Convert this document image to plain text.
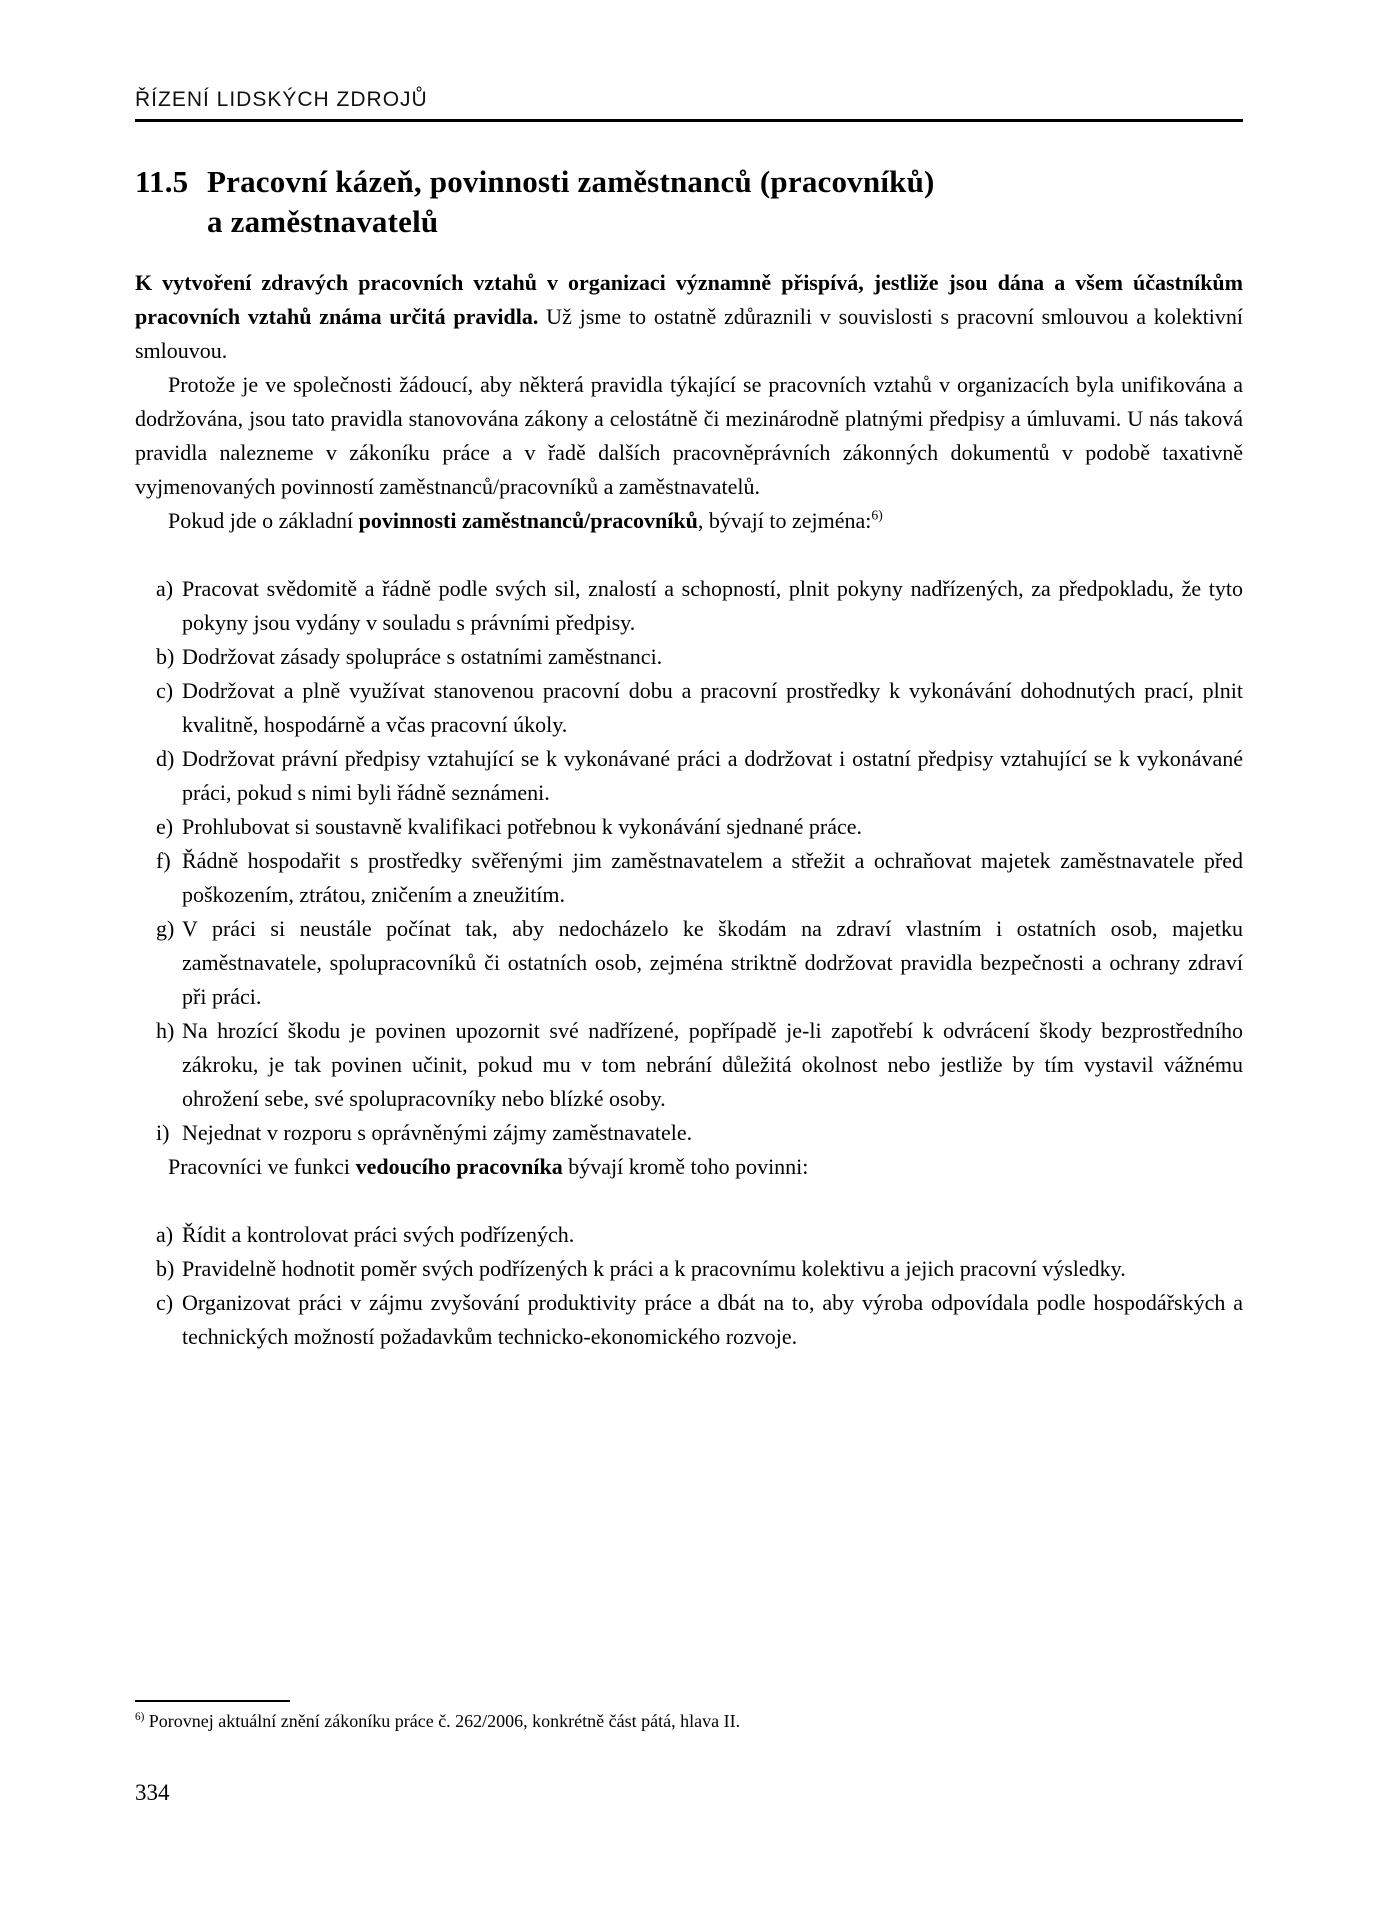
ŘÍZENÍ LIDSKÝCH ZDROJŮ
11.5 Pracovní kázeň, povinnosti zaměstnanců (pracovníků)
a zaměstnavatelů

K vytvoření zdravých pracovních vztahů v organizaci významně přispívá, jestliže jsou dána a všem účastníkům pracovních vztahů známa určitá pravidla. Už jsme to ostatně zdůraznili v souvislosti s pracovní smlouvou a kolektivní smlouvou.

Protože je ve společnosti žádoucí, aby některá pravidla týkající se pracovních vztahů v organizacích byla unifikována a dodržována, jsou tato pravidla stanovována zákony a celostátně či mezinárodně platnými předpisy a úmluvami. U nás taková pravidla nalezneme v zákoníku práce a v řadě dalších pracovněprávních zákonných dokumentů v podobě taxativně vyjmenovaných povinností zaměstnanců/pracovníků a zaměstnavatelů.

Pokud jde o základní povinnosti zaměstnanců/pracovníků, bývají to zejména:$^{6)}$

a) Pracovat svědomitě a řádně podle svých sil, znalostí a schopností, plnit pokyny nadřízených, za předpokladu, že tyto pokyny jsou vydány v souladu s právními předpisy.
b) Dodržovat zásady spolupráce s ostatními zaměstnanci.
c) Dodržovat a plně využívat stanovenou pracovní dobu a pracovní prostředky k vykonávání dohodnutých prací, plnit kvalitně, hospodárně a včas pracovní úkoly.
d) Dodržovat právní předpisy vztahující se k vykonávané práci a dodržovat i ostatní předpisy vztahující se k vykonávané práci, pokud s nimi byli řádně seznámeni.
e) Prohlubovat si soustavně kvalifikaci potřebnou k vykonávání sjednané práce.
f) Řádně hospodařit s prostředky svěřenými jim zaměstnavatelem a střežit a ochraňovat majetek zaměstnavatele před poškozením, ztrátou, zničením a zneužitím.
g) V práci si neustále počínat tak, aby nedocházelo ke škodám na zdraví vlastním i ostatních osob, majetku zaměstnavatele, spolupracovníků či ostatních osob, zejména striktně dodržovat pravidla bezpečnosti a ochrany zdraví při práci.
h) Na hrozící škodu je povinen upozornit své nadřízené, popřípadě je-li zapotřebí k odvrácení škody bezprostředního zákroku, je tak povinen učinit, pokud mu v tom nebrání důležitá okolnost nebo jestliže by tím vystavil vážnému ohrožení sebe, své spolupracovníky nebo blízké osoby.
i) Nejednat v rozporu s oprávněnými zájmy zaměstnavatele.

Pracovníci ve funkci vedoucího pracovníka bývají kromě toho povinni:

a) Řídit a kontrolovat práci svých podřízených.
b) Pravidelně hodnotit poměr svých podřízených k práci a k pracovnímu kolektivu a jejich pracovní výsledky.
c) Organizovat práci v zájmu zvyšování produktivity práce a dbát na to, aby výroba odpovídala podle hospodářských a technických možností požadavkům technicko-ekonomického rozvoje.
$^{6)}$ Porovnej aktuální znění zákoníku práce č. 262/2006, konkrétně část pátá, hlava II.
334
